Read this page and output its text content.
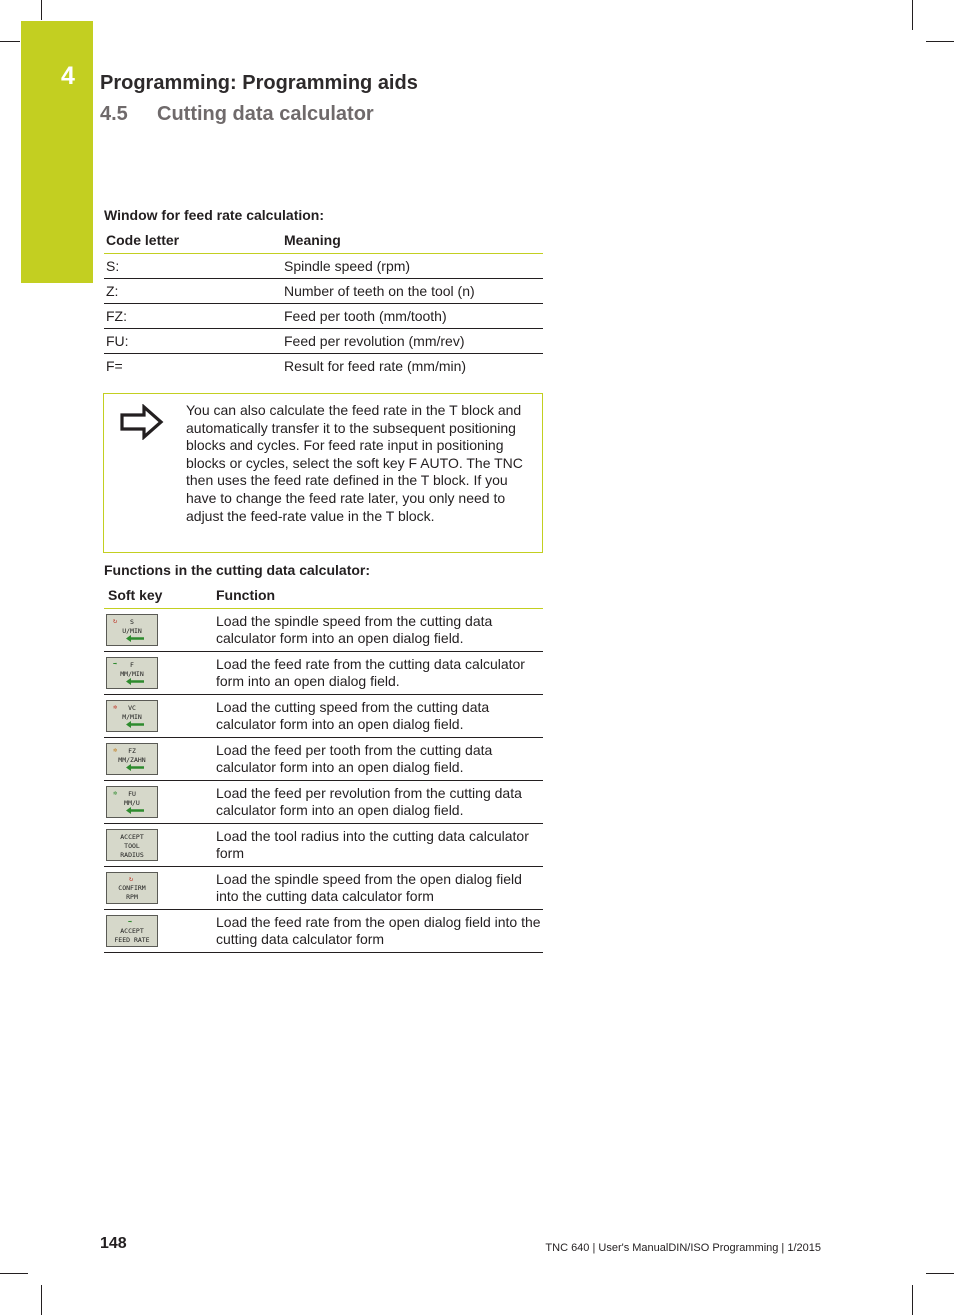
4 Programming: Programming aids
4.5 Cutting data calculator
Window for feed rate calculation:
Code letter	Meaning
S:	Spindle speed (rpm)
Z:	Number of teeth on the tool (n)
FZ:	Feed per tooth (mm/tooth)
FU:	Feed per revolution (mm/rev)
F=	Result for feed rate (mm/min)
You can also calculate the feed rate in the T block and automatically transfer it to the subsequent positioning blocks and cycles. For feed rate input in positioning blocks or cycles, select the soft key F AUTO. The TNC then uses the feed rate defined in the T block. If you have to change the feed rate later, you only need to adjust the feed-rate value in the T block.
Functions in the cutting data calculator:
Soft key	Function

↻ S
U/MIN	Load the spindle speed from the cutting data calculator form into an open dialog field.

➡ F
MM/MIN	Load the feed rate from the cutting data calculator form into an open dialog field.

✲ VC
M/MIN	Load the cutting speed from the cutting data calculator form into an open dialog field.

✲ FZ
MM/ZAHN	Load the feed per tooth from the cutting data calculator form into an open dialog field.

✲ FU
MM/U	Load the feed per revolution from the cutting data calculator form into an open dialog field.

ACCEPT
TOOL
RADIUS	Load the tool radius into the cutting data calculator form

↻
CONFIRM
RPM	Load the spindle speed from the open dialog field into the cutting data calculator form

➡
ACCEPT
FEED RATE	Load the feed rate from the open dialog field into the cutting data calculator form
148	TNC 640 | User's ManualDIN/ISO Programming | 1/2015
